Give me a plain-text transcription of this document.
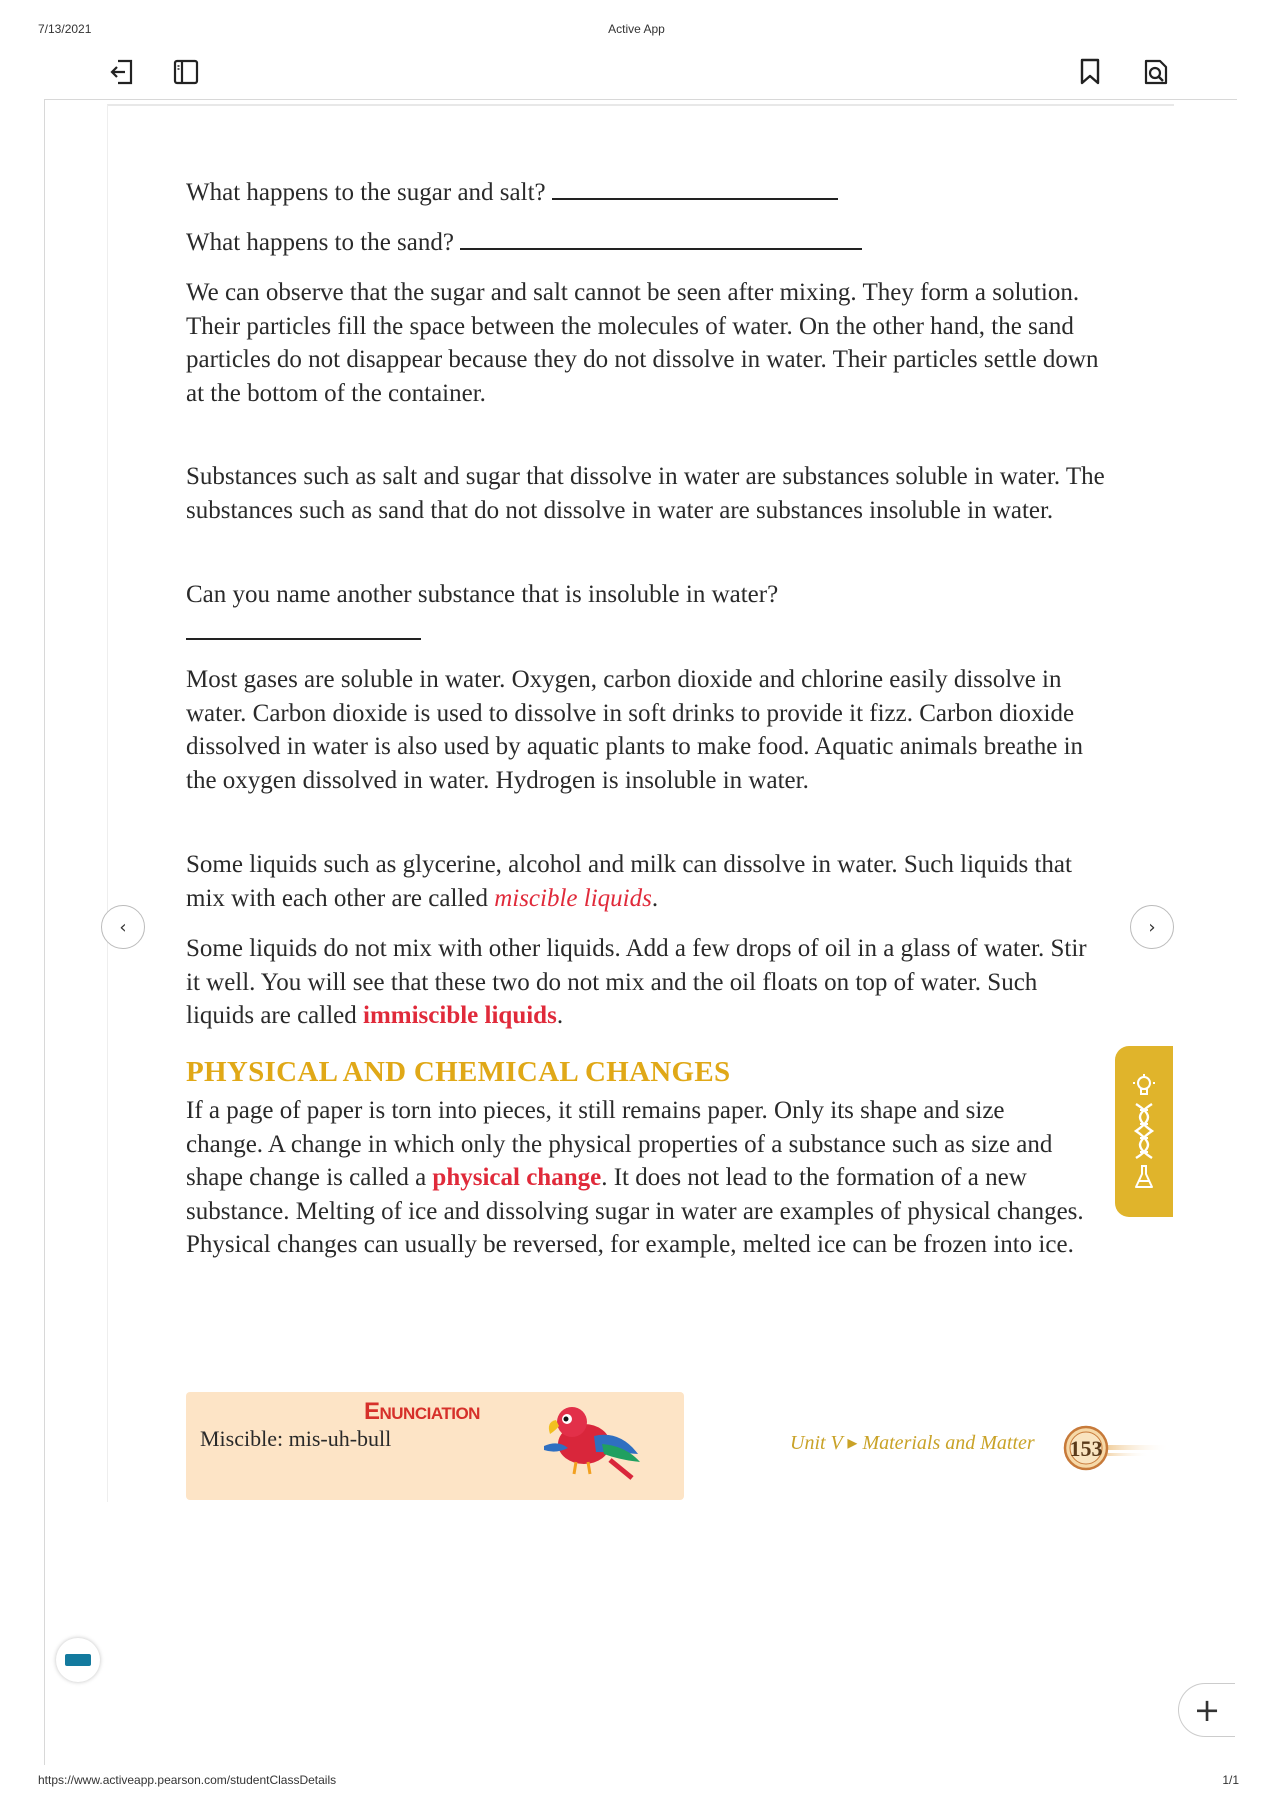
7/13/2021	Active App

What happens to the sugar and salt?

What happens to the sand?

We can observe that the sugar and salt cannot be seen after mixing. They form a solution. Their particles fill the space between the molecules of water. On the other hand, the sand particles do not disappear because they do not dissolve in water. Their particles settle down at the bottom of the container.

Substances such as salt and sugar that dissolve in water are substances soluble in water. The substances such as sand that do not dissolve in water are substances insoluble in water.

Can you name another substance that is insoluble in water?

Most gases are soluble in water. Oxygen, carbon dioxide and chlorine easily dissolve in water. Carbon dioxide is used to dissolve in soft drinks to provide it fizz. Carbon dioxide dissolved in water is also used by aquatic plants to make food. Aquatic animals breathe in the oxygen dissolved in water. Hydrogen is insoluble in water.

Some liquids such as glycerine, alcohol and milk can dissolve in water. Such liquids that mix with each other are called miscible liquids.

Some liquids do not mix with other liquids. Add a few drops of oil in a glass of water. Stir it well. You will see that these two do not mix and the oil floats on top of water. Such liquids are called immiscible liquids.

PHYSICAL AND CHEMICAL CHANGES

If a page of paper is torn into pieces, it still remains paper. Only its shape and size change. A change in which only the physical properties of a substance such as size and shape change is called a physical change. It does not lead to the formation of a new substance. Melting of ice and dissolving sugar in water are examples of physical changes. Physical changes can usually be reversed, for example, melted ice can be frozen into ice.

‹	›
Enunciation
Miscible: mis-uh-bull	Unit V ▸ Materials and Matter 153
+
https://www.activeapp.pearson.com/studentClassDetails	1/1
